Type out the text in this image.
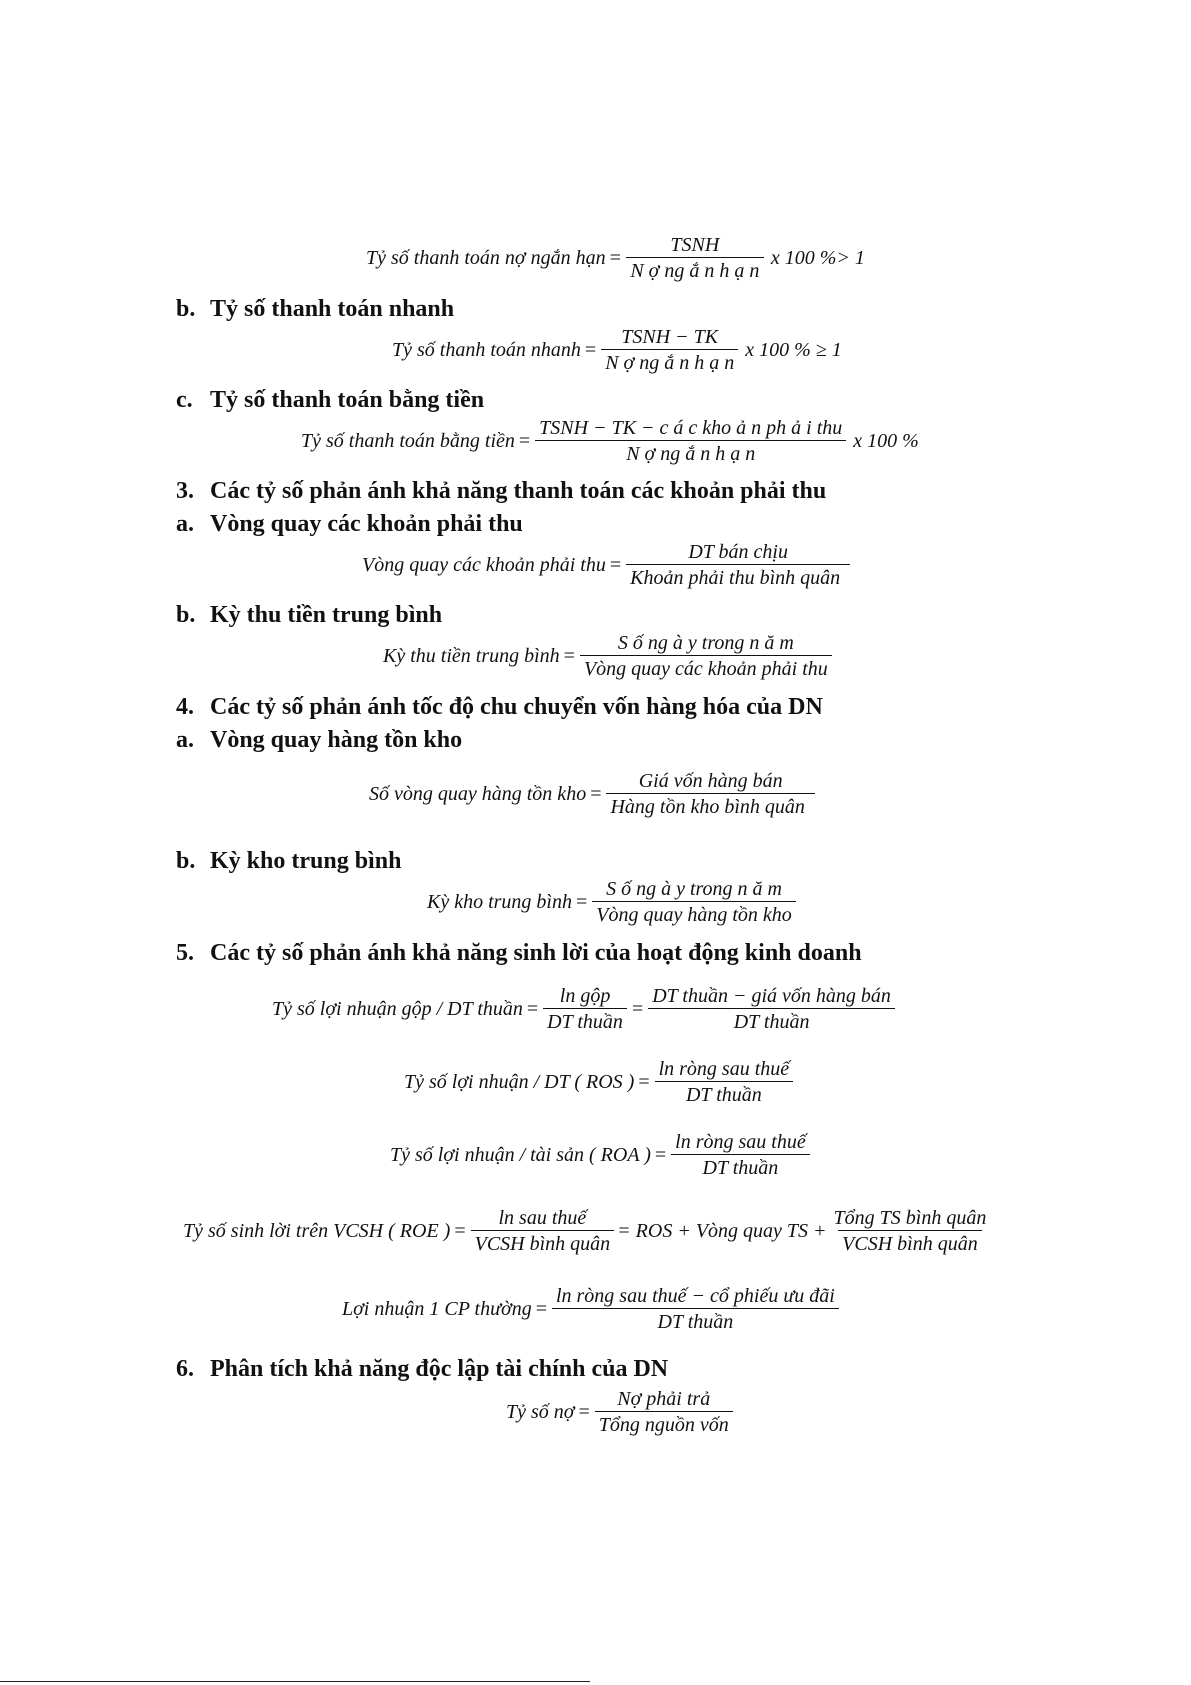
Tỷ số thanh toán nợ ngắn hạn = $\frac{\text{TSNH}}{\text{N ợ ng ắ n h ạ n}}$ x 100 %> 1
b. Tỷ số thanh toán nhanh
Tỷ số thanh toán nhanh = $\frac{\text{TSNH − TK}}{\text{N ợ ng ắ n h ạ n}}$ x 100 % ≥ 1
c. Tỷ số thanh toán bằng tiền
Tỷ số thanh toán bằng tiền = $\frac{\text{TSNH − TK − c á c kho ả n ph ả i thu}}{\text{N ợ ng ắ n h ạ n}}$ x 100 %
3. Các tỷ số phản ánh khả năng thanh toán các khoản phải thu
a. Vòng quay các khoản phải thu
Vòng quay các khoản phải thu = $\frac{\text{DT bán chịu}}{\text{Khoản phải thu bình quân}}$
b. Kỳ thu tiền trung bình
Kỳ thu tiền trung bình = $\frac{\text{S ố ng à y trong n ă m}}{\text{Vòng quay các khoản phải thu}}$
4. Các tỷ số phản ánh tốc độ chu chuyển vốn hàng hóa của DN
a. Vòng quay hàng tồn kho
Số vòng quay hàng tồn kho = $\frac{\text{Giá vốn hàng bán}}{\text{Hàng tồn kho bình quân}}$
b. Kỳ kho trung bình
Kỳ kho trung bình = $\frac{\text{S ố ng à y trong n ă m}}{\text{Vòng quay hàng tồn kho}}$
5. Các tỷ số phản ánh khả năng sinh lời của hoạt động kinh doanh
Tỷ số lợi nhuận gộp / DT thuần = $\frac{\text{ln gộp}}{\text{DT thuần}} = \frac{\text{DT thuần − giá vốn hàng bán}}{\text{DT thuần}}$
Tỷ số lợi nhuận / DT ( ROS ) = $\frac{\text{ln ròng sau thuế}}{\text{DT thuần}}$
Tỷ số lợi nhuận / tài sản ( ROA ) = $\frac{\text{ln ròng sau thuế}}{\text{DT thuần}}$
Tỷ số sinh lời trên VCSH ( ROE ) = $\frac{\text{ln sau thuế}}{\text{VCSH bình quân}}$ = ROS + Vòng quay TS + $\frac{\text{Tổng TS bình quân}}{\text{VCSH bình quân}}$
Lợi nhuận 1 CP thường = $\frac{\text{ln ròng sau thuế − cổ phiếu ưu đãi}}{\text{DT thuần}}$
6. Phân tích khả năng độc lập tài chính của DN
Tỷ số nợ = $\frac{\text{Nợ phải trả}}{\text{Tổng nguồn vốn}}$
